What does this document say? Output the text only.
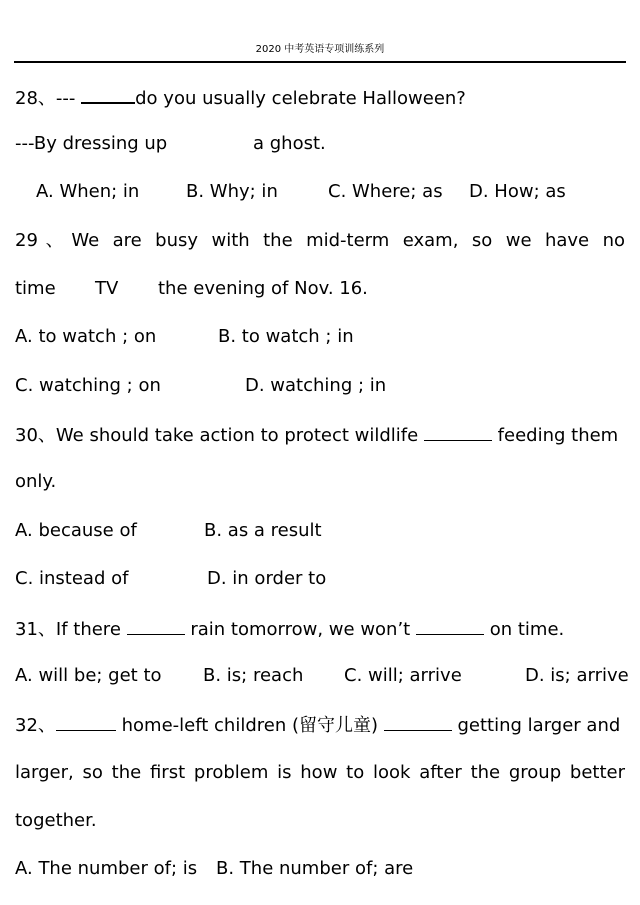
2020 中考英语专项训练系列
28、---	do you usually celebrate Halloween?
---By dressing up	a ghost.
A. When; in	B. Why; in	C. Where; as D. How; as
29、We are busy with the mid-term exam, so we have no
time TV the evening of Nov. 16.
A. to watch ; on	B. to watch ; in
C. watching ; on	D. watching ; in
30、We should take action to protect wildlife	feeding them
only.
A. because of	B. as a result
C. instead of	D. in order to
31、If there	rain tomorrow, we won’t	on time.
A. will be; get to B. is; reach C. will; arrive	D. is; arrive
32、	home-left children (留守儿童)	getting larger and
larger, so the first problem is how to look after the group better
together.
A. The number of; is B. The number of; are
